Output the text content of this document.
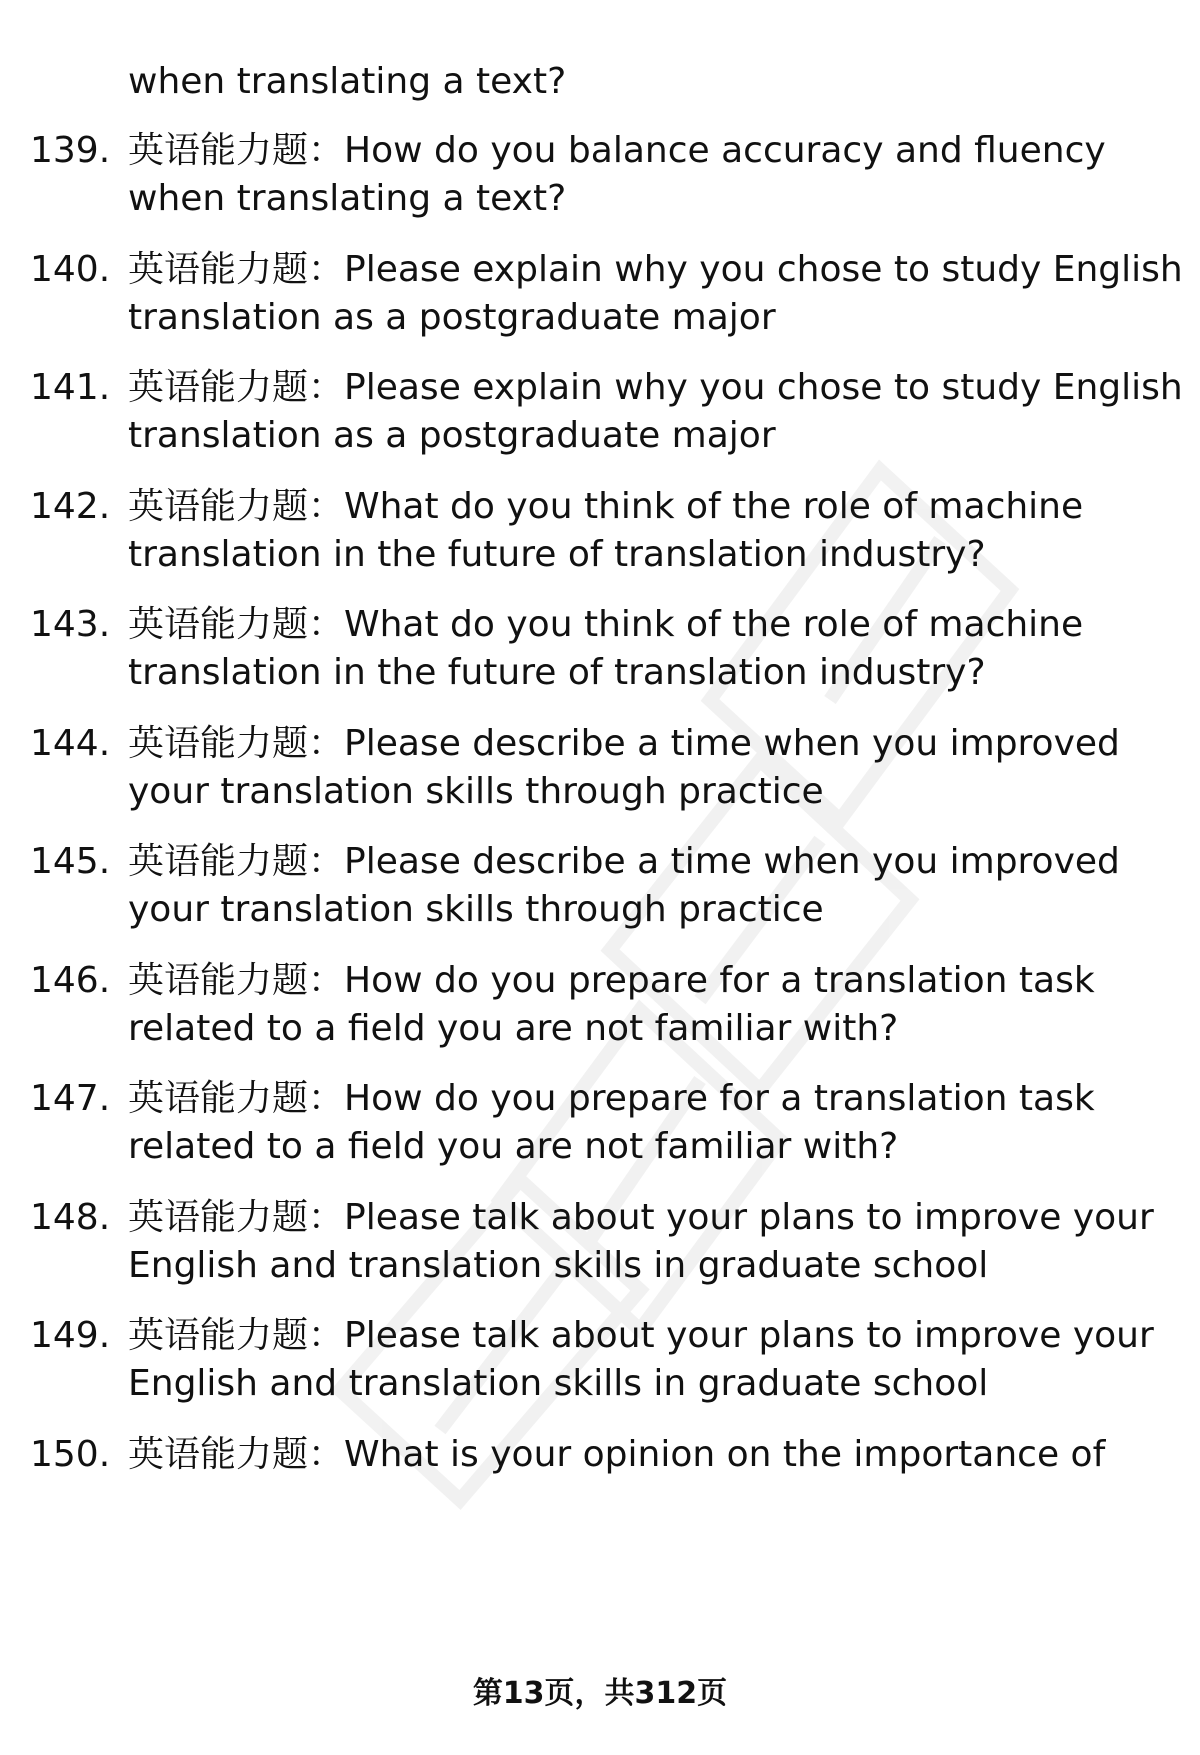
when translating a text?
139. 英语能力题：How do you balance accuracy and fluency
when translating a text?
140. 英语能力题：Please explain why you chose to study English
translation as a postgraduate major
141. 英语能力题：Please explain why you chose to study English
translation as a postgraduate major
142. 英语能力题：What do you think of the role of machine
translation in the future of translation industry?
143. 英语能力题：What do you think of the role of machine
translation in the future of translation industry?
144. 英语能力题：Please describe a time when you improved
your translation skills through practice
145. 英语能力题：Please describe a time when you improved
your translation skills through practice
146. 英语能力题：How do you prepare for a translation task
related to a field you are not familiar with?
147. 英语能力题：How do you prepare for a translation task
related to a field you are not familiar with?
148. 英语能力题：Please talk about your plans to improve your
English and translation skills in graduate school
149. 英语能力题：Please talk about your plans to improve your
English and translation skills in graduate school
150. 英语能力题：What is your opinion on the importance of
第13页，共312页
